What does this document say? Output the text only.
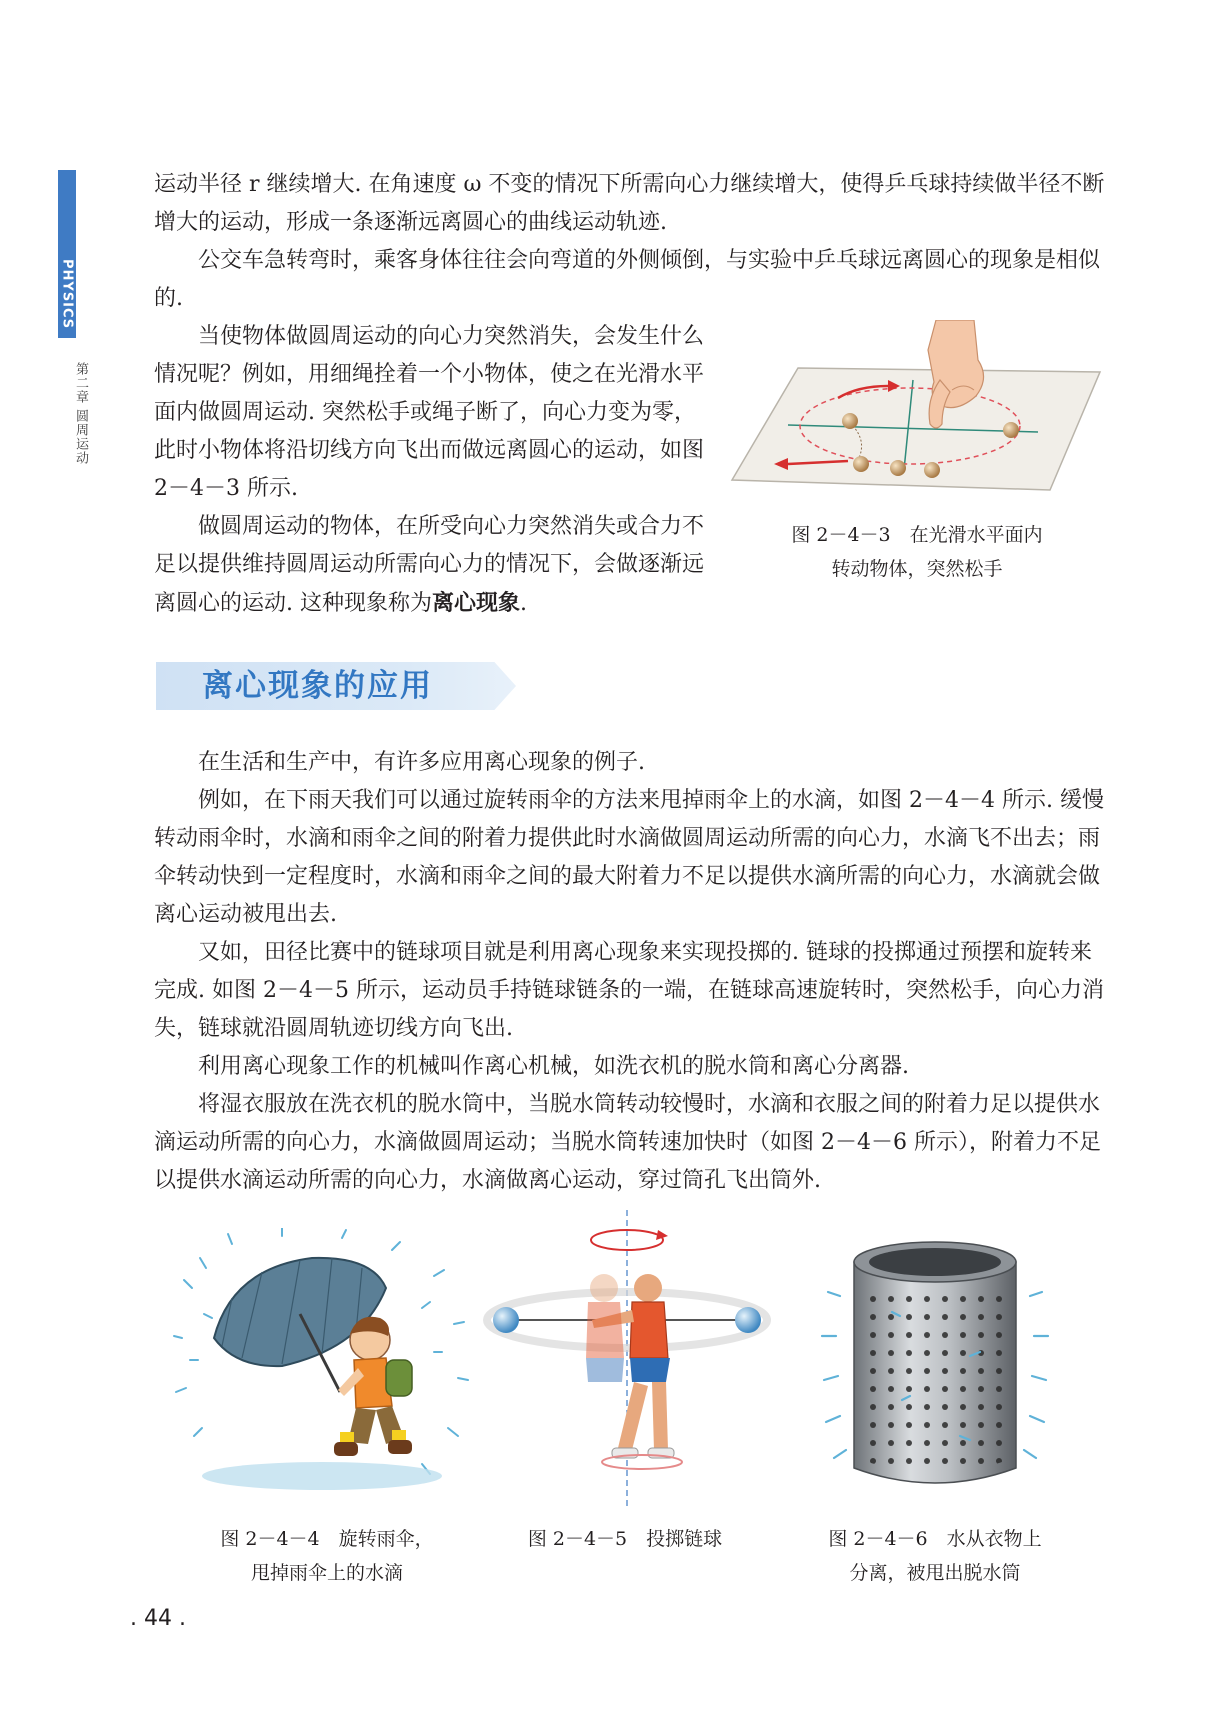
PHYSICS
第二章 圆周运动

运动半径 r 继续增大. 在角速度 ω 不变的情况下所需向心力继续增大，使得乒乓球持续做半径不断增大的运动，形成一条逐渐远离圆心的曲线运动轨迹.

公交车急转弯时，乘客身体往往会向弯道的外侧倾倒，与实验中乒乓球远离圆心的现象是相似的.

当使物体做圆周运动的向心力突然消失，会发生什么情况呢？例如，用细绳拴着一个小物体，使之在光滑水平面内做圆周运动. 突然松手或绳子断了，向心力变为零，此时小物体将沿切线方向飞出而做远离圆心的运动，如图 2－4－3 所示.

做圆周运动的物体，在所受向心力突然消失或合力不足以提供维持圆周运动所需向心力的情况下，会做逐渐远离圆心的运动. 这种现象称为离心现象.

图 2－4－3　在光滑水平面内
转动物体，突然松手
离心现象的应用

在生活和生产中，有许多应用离心现象的例子.

例如，在下雨天我们可以通过旋转雨伞的方法来甩掉雨伞上的水滴，如图 2－4－4 所示. 缓慢转动雨伞时，水滴和雨伞之间的附着力提供此时水滴做圆周运动所需的向心力，水滴飞不出去；雨伞转动快到一定程度时，水滴和雨伞之间的最大附着力不足以提供水滴所需的向心力，水滴就会做离心运动被甩出去.

又如，田径比赛中的链球项目就是利用离心现象来实现投掷的. 链球的投掷通过预摆和旋转来完成. 如图 2－4－5 所示，运动员手持链球链条的一端，在链球高速旋转时，突然松手，向心力消失，链球就沿圆周轨迹切线方向飞出.

利用离心现象工作的机械叫作离心机械，如洗衣机的脱水筒和离心分离器.

将湿衣服放在洗衣机的脱水筒中，当脱水筒转动较慢时，水滴和衣服之间的附着力足以提供水滴运动所需的向心力，水滴做圆周运动；当脱水筒转速加快时（如图 2－4－6 所示），附着力不足以提供水滴运动所需的向心力，水滴做离心运动，穿过筒孔飞出筒外.

图 2－4－4　旋转雨伞，
甩掉雨伞上的水滴
图 2－4－5　投掷链球	图 2－4－6　水从衣物上
分离，被甩出脱水筒
. 44 .
